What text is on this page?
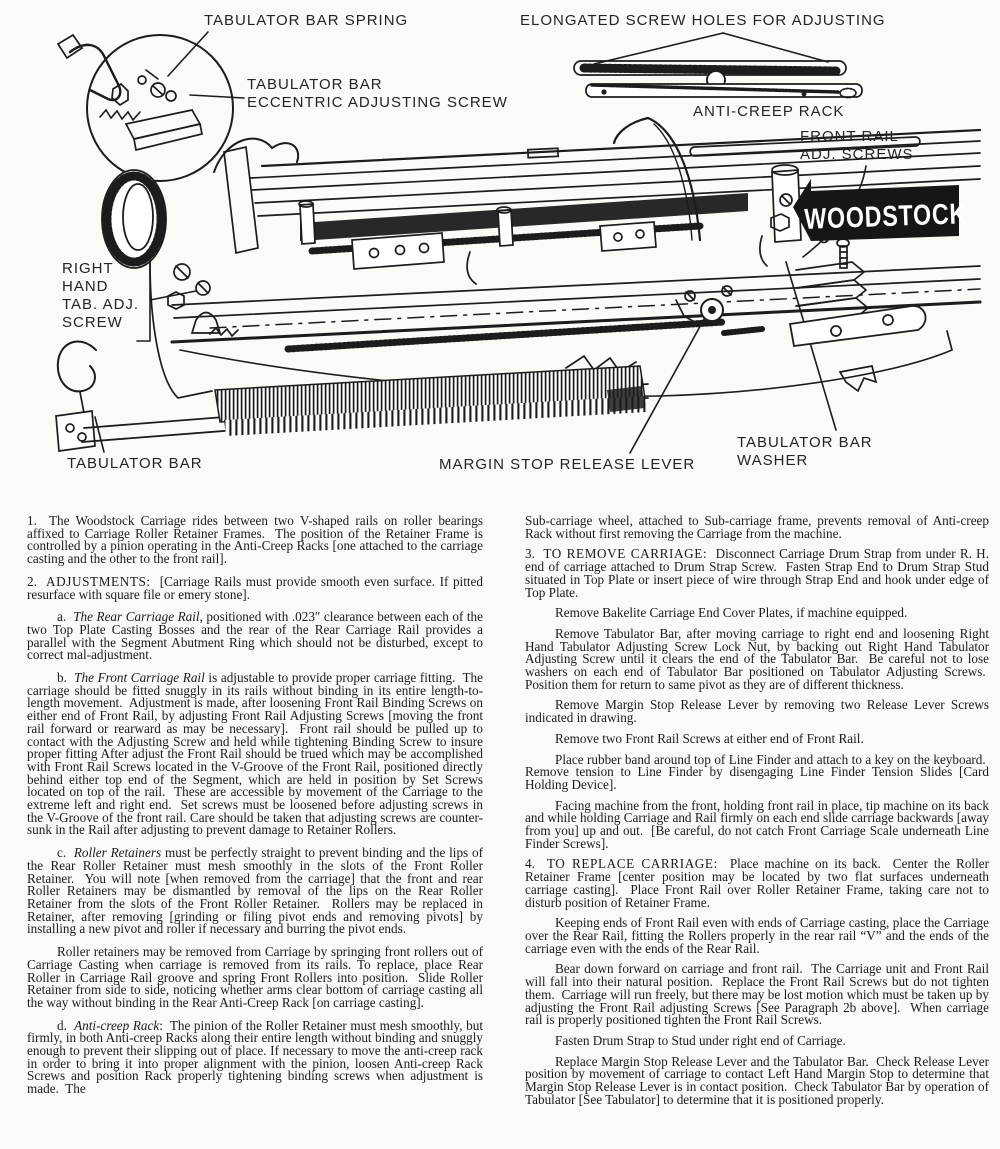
WOODSTOCK
TABULATOR BAR SPRING
TABULATOR BAR
ECCENTRIC ADJUSTING SCREW
ELONGATED SCREW HOLES FOR ADJUSTING
ANTI-CREEP RACK
FRONT RAIL
ADJ. SCREWS
RIGHT
HAND
TAB. ADJ.
SCREW
TABULATOR BAR	MARGIN STOP RELEASE LEVER
TABULATOR BAR
WASHER

1.  The Woodstock Carriage rides between two V-shaped rails on roller bearings affixed to Carriage Roller Retainer Frames.  The position of the Retainer Frame is controlled by a pinion operating in the Anti-Creep Racks [one attached to the carriage casting and the other to the front rail].

2.  ADJUSTMENTS:  [Carriage Rails must provide smooth even surface. If pitted resurface with square file or emery stone].

a.  The Rear Carriage Rail, positioned with .023″ clearance between each of the two Top Plate Casting Bosses and the rear of the Rear Carriage Rail provides a parallel with the Segment Abutment Ring which should not be disturbed, except to correct mal-adjustment.

b.  The Front Carriage Rail is adjustable to provide proper carriage fitting.  The carriage should be fitted snuggly in its rails without binding in its entire length-to-length movement.  Adjustment is made, after loosening Front Rail Binding Screws on either end of Front Rail, by adjusting Front Rail Adjusting Screws [moving the front rail forward or rearward as may be necessary].  Front rail should be pulled up to contact with the Adjusting Screw and held while tightening Binding Screw to insure proper fitting After adjust the Front Rail should be trued which may be accomplished with Front Rail Screws located in the V-Groove of the Front Rail, positioned directly behind either top end of the Segment, which are held in position by Set Screws located on top of the rail.  These are accessible by movement of the Carriage to the extreme left and right end.  Set screws must be loosened before adjusting screws in the V-Groove of the front rail. Care should be taken that adjusting screws are counter-sunk in the Rail after adjusting to prevent damage to Retainer Rollers.

c.  Roller Retainers must be perfectly straight to prevent binding and the lips of the Rear Roller Retainer must mesh smoothly in the slots of the Front Roller Retainer.  You will note [when removed from the carriage] that the front and rear Roller Retainers may be dismantled by removal of the lips on the Rear Roller Retainer from the slots of the Front Roller Retainer.  Rollers may be replaced in Retainer, after removing [grinding or filing pivot ends and removing pivots] by installing a new pivot and roller if necessary and burring the pivot ends.

Roller retainers may be removed from Carriage by springing front rollers out of Carriage Casting when carriage is removed from its rails. To replace, place Rear Roller in Carriage Rail groove and spring Front Rollers into position.  Slide Roller Retainer from side to side, noticing whether arms clear bottom of carriage casting all the way without binding in the Rear Anti-Creep Rack [on carriage casting].

d.  Anti-creep Rack:  The pinion of the Roller Retainer must mesh smoothly, but firmly, in both Anti-creep Racks along their entire length without binding and snuggly enough to prevent their slipping out of place. If necessary to move the anti-creep rack in order to bring it into proper alignment with the pinion, loosen Anti-creep Rack Screws and position Rack properly tightening binding screws when adjustment is made.  The

Sub-carriage wheel, attached to Sub-carriage frame, prevents removal of Anti-creep Rack without first removing the Carriage from the machine.

3.  TO REMOVE CARRIAGE:  Disconnect Carriage Drum Strap from under R. H. end of carriage attached to Drum Strap Screw.  Fasten Strap End to Drum Strap Stud situated in Top Plate or insert piece of wire through Strap End and hook under edge of Top Plate.

Remove Bakelite Carriage End Cover Plates, if machine equipped.

Remove Tabulator Bar, after moving carriage to right end and loosening Right Hand Tabulator Adjusting Screw Lock Nut, by backing out Right Hand Tabulator Adjusting Screw until it clears the end of the Tabulator Bar.  Be careful not to lose washers on each end of Tabulator Bar positioned on Tabulator Adjusting Screws.  Position them for return to same pivot as they are of different thickness.

Remove Margin Stop Release Lever by removing two Release Lever Screws indicated in drawing.

Remove two Front Rail Screws at either end of Front Rail.

Place rubber band around top of Line Finder and attach to a key on the keyboard.  Remove tension to Line Finder by disengaging Line Finder Tension Slides [Card Holding Device].

Facing machine from the front, holding front rail in place, tip machine on its back and while holding Carriage and Rail firmly on each end slide carriage backwards [away from you] up and out.  [Be careful, do not catch Front Carriage Scale underneath Line Finder Screws].

4.  TO REPLACE CARRIAGE:  Place machine on its back.  Center the Roller Retainer Frame [center position may be located by two flat surfaces underneath carriage casting].  Place Front Rail over Roller Retainer Frame, taking care not to disturb position of Retainer Frame.

Keeping ends of Front Rail even with ends of Carriage casting, place the Carriage over the Rear Rail, fitting the Rollers properly in the rear rail “V” and the ends of the carriage even with the ends of the Rear Rail.

Bear down forward on carriage and front rail.  The Carriage unit and Front Rail will fall into their natural position.  Replace the Front Rail Screws but do not tighten them.  Carriage will run freely, but there may be lost motion which must be taken up by adjusting the Front Rail adjusting Screws [See Paragraph 2b above].  When carriage rail is properly positioned tighten the Front Rail Screws.

Fasten Drum Strap to Stud under right end of Carriage.

Replace Margin Stop Release Lever and the Tabulator Bar.  Check Release Lever position by movement of carriage to contact Left Hand Margin Stop to determine that Margin Stop Release Lever is in contact position.  Check Tabulator Bar by operation of Tabulator [See Tabulator] to determine that it is positioned properly.
